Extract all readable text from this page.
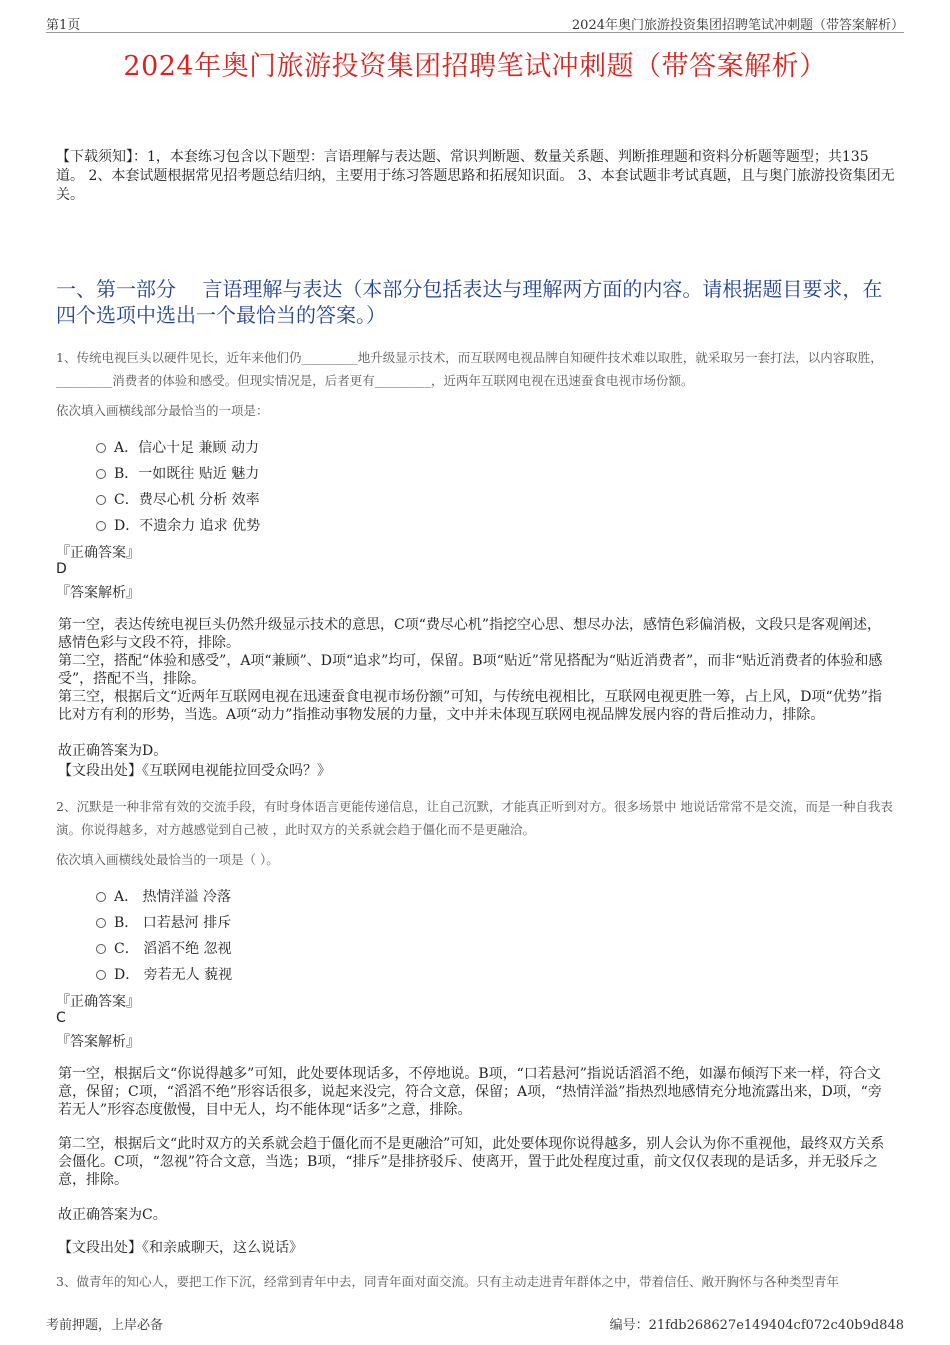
第1页	2024年奥门旅游投资集团招聘笔试冲刺题（带答案解析）
2024年奥门旅游投资集团招聘笔试冲刺题（带答案解析）
【下载须知】：1，本套练习包含以下题型：言语理解与表达题、常识判断题、数量关系题、判断推理题和资料分析题等题型；共135道。 2、本套试题根据常见招考题总结归纳，主要用于练习答题思路和拓展知识面。 3、本套试题非考试真题，且与奥门旅游投资集团无关。
一、第一部分　 言语理解与表达（本部分包括表达与理解两方面的内容。请根据题目要求，在四个选项中选出一个最恰当的答案。）
1、传统电视巨头以硬件见长，近年来他们仍_________地升级显示技术，而互联网电视品牌自知硬件技术难以取胜，就采取另一套打法，以内容取胜，_________消费者的体验和感受。但现实情况是，后者更有_________，近两年互联网电视在迅速蚕食电视市场份额。
依次填入画横线部分最恰当的一项是：
A．信心十足 兼顾 动力
B．一如既往 贴近 魅力
C．费尽心机 分析 效率
D．不遗余力 追求 优势
『正确答案』
D
『答案解析』
第一空，表达传统电视巨头仍然升级显示技术的意思，C项“费尽心机”指挖空心思、想尽办法，感情色彩偏消极，文段只是客观阐述，感情色彩与文段不符，排除。
第二空，搭配“体验和感受”，A项“兼顾”、D项“追求”均可，保留。B项“贴近”常见搭配为“贴近消费者”，而非“贴近消费者的体验和感受”，搭配不当，排除。
第三空，根据后文“近两年互联网电视在迅速蚕食电视市场份额”可知，与传统电视相比，互联网电视更胜一筹，占上风，D项“优势”指比对方有利的形势，当选。A项“动力”指推动事物发展的力量，文中并未体现互联网电视品牌发展内容的背后推动力，排除。
故正确答案为D。
【文段出处】《互联网电视能拉回受众吗？》
2、沉默是一种非常有效的交流手段，有时身体语言更能传递信息，让自己沉默，才能真正听到对方。很多场景中 地说话常常不是交流，而是一种自我表演。你说得越多，对方越感觉到自己被 ，此时双方的关系就会趋于僵化而不是更融洽。
依次填入画横线处最恰当的一项是（ ）。
A． 热情洋溢 冷落
B． 口若悬河 排斥
C． 滔滔不绝 忽视
D． 旁若无人 藐视
『正确答案』
C
『答案解析』
第一空，根据后文“你说得越多”可知，此处要体现话多，不停地说。B项，“口若悬河”指说话滔滔不绝，如瀑布倾泻下来一样，符合文意，保留；C项，“滔滔不绝”形容话很多，说起来没完，符合文意，保留；A项，“热情洋溢”指热烈地感情充分地流露出来，D项，“旁若无人”形容态度傲慢，目中无人，均不能体现“话多”之意，排除。
第二空，根据后文“此时双方的关系就会趋于僵化而不是更融洽”可知，此处要体现你说得越多，别人会认为你不重视他，最终双方关系会僵化。C项，“忽视”符合文意，当选；B项，“排斥”是排挤驳斥、使离开，置于此处程度过重，前文仅仅表现的是话多，并无驳斥之意，排除。
故正确答案为C。
【文段出处】《和亲戚聊天，这么说话》
3、做青年的知心人，要把工作下沉，经常到青年中去，同青年面对面交流。只有主动走进青年群体之中，带着信任、敞开胸怀与各种类型青年
考前押题，上岸必备	编号：21fdb268627e149404cf072c40b9d848
